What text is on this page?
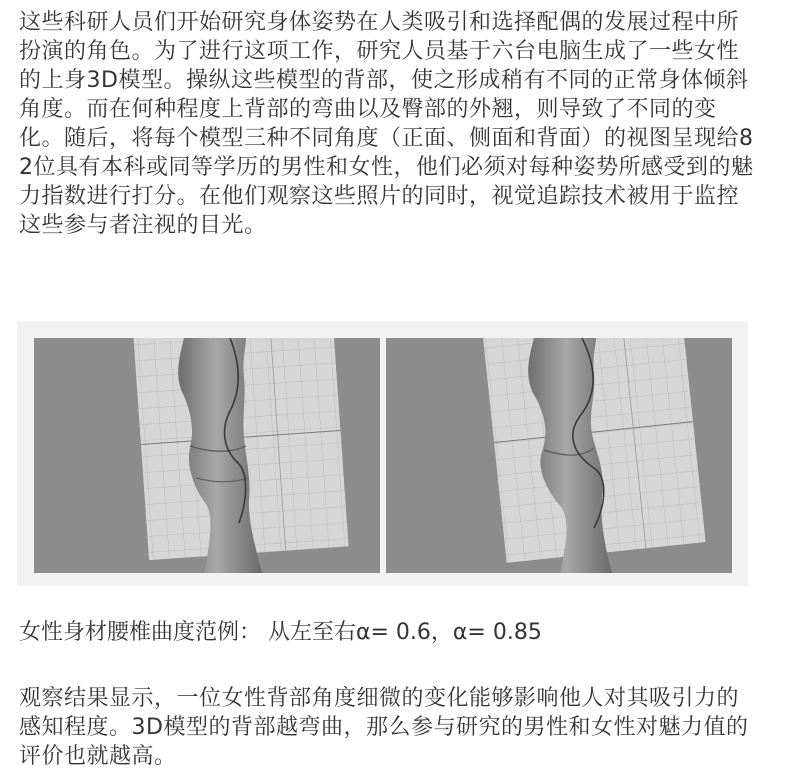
这些科研人员们开始研究身体姿势在人类吸引和选择配偶的发展过程中所扮演的角色。为了进行这项工作，研究人员基于六台电脑生成了一些女性的上身3D模型。操纵这些模型的背部，使之形成稍有不同的正常身体倾斜角度。而在何种程度上背部的弯曲以及臀部的外翘，则导致了不同的变化。随后，将每个模型三种不同角度（正面、侧面和背面）的视图呈现给82位具有本科或同等学历的男性和女性，他们必须对每种姿势所感受到的魅力指数进行打分。在他们观察这些照片的同时，视觉追踪技术被用于监控这些参与者注视的目光。

女性身材腰椎曲度范例： 从左至右α= 0.6，α= 0.85

观察结果显示，一位女性背部角度细微的变化能够影响他人对其吸引力的感知程度。3D模型的背部越弯曲，那么参与研究的男性和女性对魅力值的评价也就越高。
